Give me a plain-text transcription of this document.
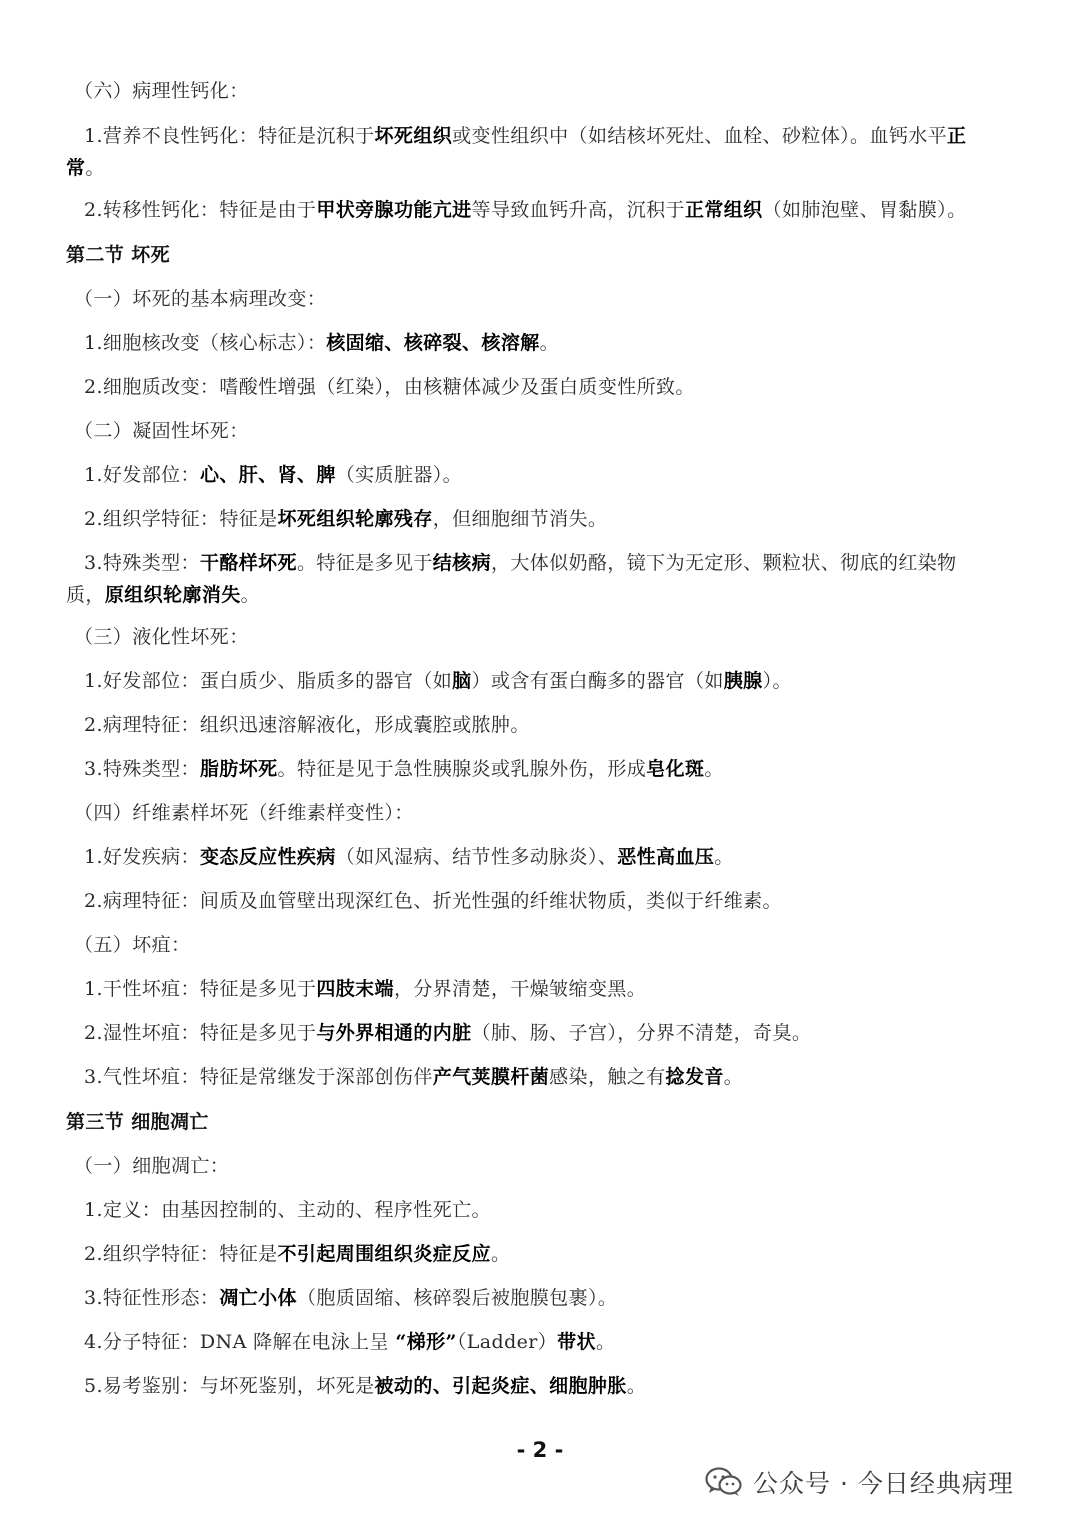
（六）病理性钙化：
1.营养不良性钙化：特征是沉积于坏死组织或变性组织中（如结核坏死灶、血栓、砂粒体）。血钙水平正
常。
2.转移性钙化：特征是由于甲状旁腺功能亢进等导致血钙升高，沉积于正常组织（如肺泡壁、胃黏膜）。
第二节 坏死
（一）坏死的基本病理改变：
1.细胞核改变（核心标志）：核固缩、核碎裂、核溶解。
2.细胞质改变：嗜酸性增强（红染），由核糖体减少及蛋白质变性所致。
（二）凝固性坏死：
1.好发部位：心、肝、肾、脾（实质脏器）。
2.组织学特征：特征是坏死组织轮廓残存，但细胞细节消失。
3.特殊类型：干酪样坏死。特征是多见于结核病，大体似奶酪，镜下为无定形、颗粒状、彻底的红染物
质，原组织轮廓消失。
（三）液化性坏死：
1.好发部位：蛋白质少、脂质多的器官（如脑）或含有蛋白酶多的器官（如胰腺）。
2.病理特征：组织迅速溶解液化，形成囊腔或脓肿。
3.特殊类型：脂肪坏死。特征是见于急性胰腺炎或乳腺外伤，形成皂化斑。
（四）纤维素样坏死（纤维素样变性）：
1.好发疾病：变态反应性疾病（如风湿病、结节性多动脉炎）、恶性高血压。
2.病理特征：间质及血管壁出现深红色、折光性强的纤维状物质，类似于纤维素。
（五）坏疽：
1.干性坏疽：特征是多见于四肢末端，分界清楚，干燥皱缩变黑。
2.湿性坏疽：特征是多见于与外界相通的内脏（肺、肠、子宫），分界不清楚，奇臭。
3.气性坏疽：特征是常继发于深部创伤伴产气荚膜杆菌感染，触之有捻发音。
第三节 细胞凋亡
（一）细胞凋亡：
1.定义：由基因控制的、主动的、程序性死亡。
2.组织学特征：特征是不引起周围组织炎症反应。
3.特征性形态：凋亡小体（胞质固缩、核碎裂后被胞膜包裹）。
4.分子特征：DNA 降解在电泳上呈 “梯形”（Ladder）带状。
5.易考鉴别：与坏死鉴别，坏死是被动的、引起炎症、细胞肿胀。
- 2 -
公众号 · 今日经典病理
